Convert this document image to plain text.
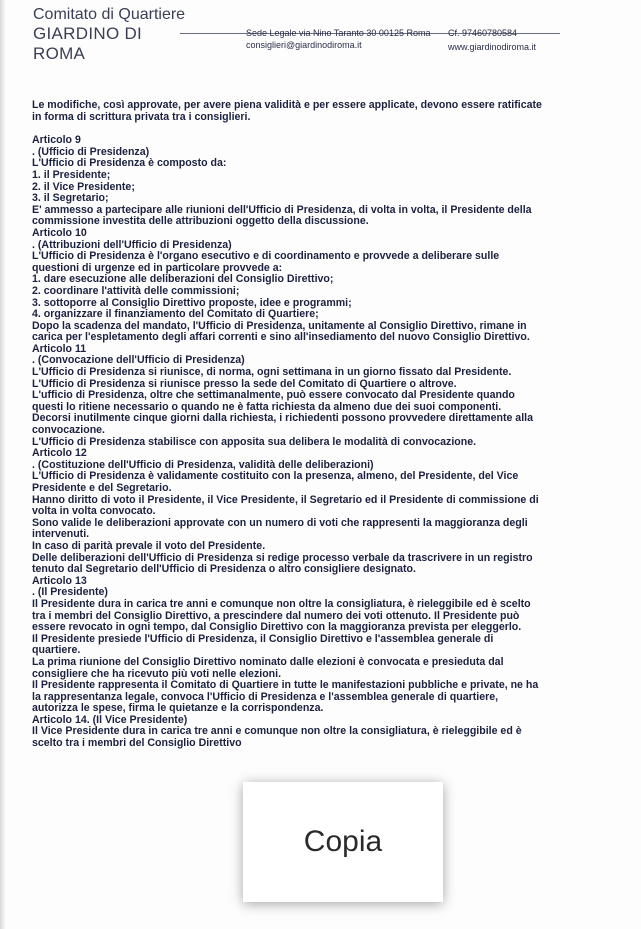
Comitato di Quartiere
GIARDINO DI ROMA
Sede Legale via Nino Taranto 30 00125 Roma Cf. 97460780584
consiglieri@giardinodiroma.it	www.giardinodiroma.it

Le modifiche, così approvate, per avere piena validità e per essere applicate, devono essere ratificate

in forma di scrittura privata tra i consiglieri.

Articolo 9

. (Ufficio di Presidenza)

L'Ufficio di Presidenza è composto da:

1. il Presidente;

2. il Vice Presidente;

3. il Segretario;

E' ammesso a partecipare alle riunioni dell'Ufficio di Presidenza, di volta in volta, il Presidente della

commissione investita delle attribuzioni oggetto della discussione.

Articolo 10

. (Attribuzioni dell'Ufficio di Presidenza)

L'Ufficio di Presidenza è l'organo esecutivo e di coordinamento e provvede a deliberare sulle

questioni di urgenze ed in particolare provvede a:

1. dare esecuzione alle deliberazioni del Consiglio Direttivo;

2. coordinare l'attività delle commissioni;

3. sottoporre al Consiglio Direttivo proposte, idee e programmi;

4. organizzare il finanziamento del Comitato di Quartiere;

Dopo la scadenza del mandato, l'Ufficio di Presidenza, unitamente al Consiglio Direttivo, rimane in

carica per l'espletamento degli affari correnti e sino all'insediamento del nuovo Consiglio Direttivo.

Articolo 11

. (Convocazione dell'Ufficio di Presidenza)

L'Ufficio di Presidenza si riunisce, di norma, ogni settimana in un giorno fissato dal Presidente.

L'Ufficio di Presidenza si riunisce presso la sede del Comitato di Quartiere o altrove.

L'ufficio di Presidenza, oltre che settimanalmente, può essere convocato dal Presidente quando

questi lo ritiene necessario o quando ne è fatta richiesta da almeno due dei suoi componenti.

Decorsi inutilmente cinque giorni dalla richiesta, i richiedenti possono provvedere direttamente alla

convocazione.

L'Ufficio di Presidenza stabilisce con apposita sua delibera le modalità di convocazione.

Articolo 12

. (Costituzione dell'Ufficio di Presidenza, validità delle deliberazioni)

L'Ufficio di Presidenza è validamente costituito con la presenza, almeno, del Presidente, del Vice

Presidente e del Segretario.

Hanno diritto di voto il Presidente, il Vice Presidente, il Segretario ed il Presidente di commissione di

volta in volta convocato.

Sono valide le deliberazioni approvate con un numero di voti che rappresenti la maggioranza degli

intervenuti.

In caso di parità prevale il voto del Presidente.

Delle deliberazioni dell'Ufficio di Presidenza si redige processo verbale da trascrivere in un registro

tenuto dal Segretario dell'Ufficio di Presidenza o altro consigliere designato.

Articolo 13

. (Il Presidente)

Il Presidente dura in carica tre anni e comunque non oltre la consigliatura, è rieleggibile ed è scelto

tra i membri del Consiglio Direttivo, a prescindere dal numero dei voti ottenuto. Il Presidente può

essere revocato in ogni tempo, dal Consiglio Direttivo con la maggioranza prevista per eleggerlo.

Il Presidente presiede l'Ufficio di Presidenza, il Consiglio Direttivo e l'assemblea generale di

quartiere.

La prima riunione del Consiglio Direttivo nominato dalle elezioni è convocata e presieduta dal

consigliere che ha ricevuto più voti nelle elezioni.

Il Presidente rappresenta il Comitato di Quartiere in tutte le manifestazioni pubbliche e private, ne ha

la rappresentanza legale, convoca l'Ufficio di Presidenza e l'assemblea generale di quartiere,

autorizza le spese, firma le quietanze e la corrispondenza.

Articolo 14. (Il Vice Presidente)

Il Vice Presidente dura in carica tre anni e comunque non oltre la consigliatura, è rieleggibile ed è

scelto tra i membri del Consiglio Direttivo

Copia
